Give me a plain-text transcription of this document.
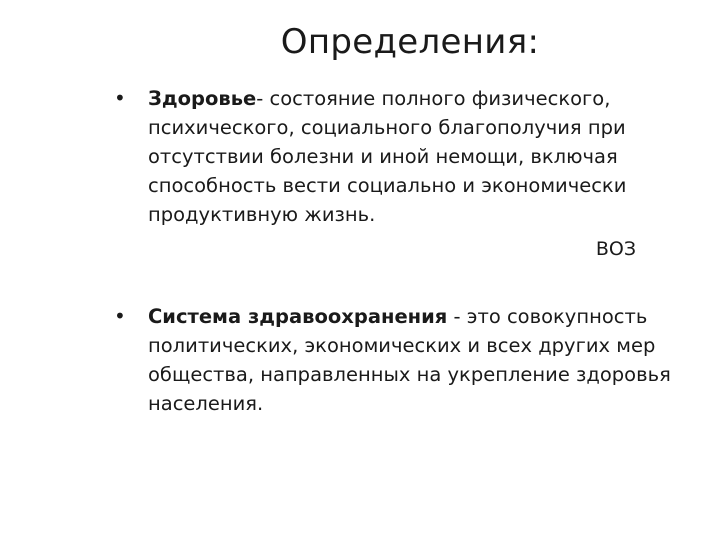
Определения:
• Здоровье- состояние полного физического, психического, социального благополучия при отсутствии болезни и иной немощи, включая способность вести социально и экономически продуктивную жизнь.
ВОЗ
• Система здравоохранения - это совокупность политических, экономических и всех других мер общества, направленных на укрепление здоровья населения.
